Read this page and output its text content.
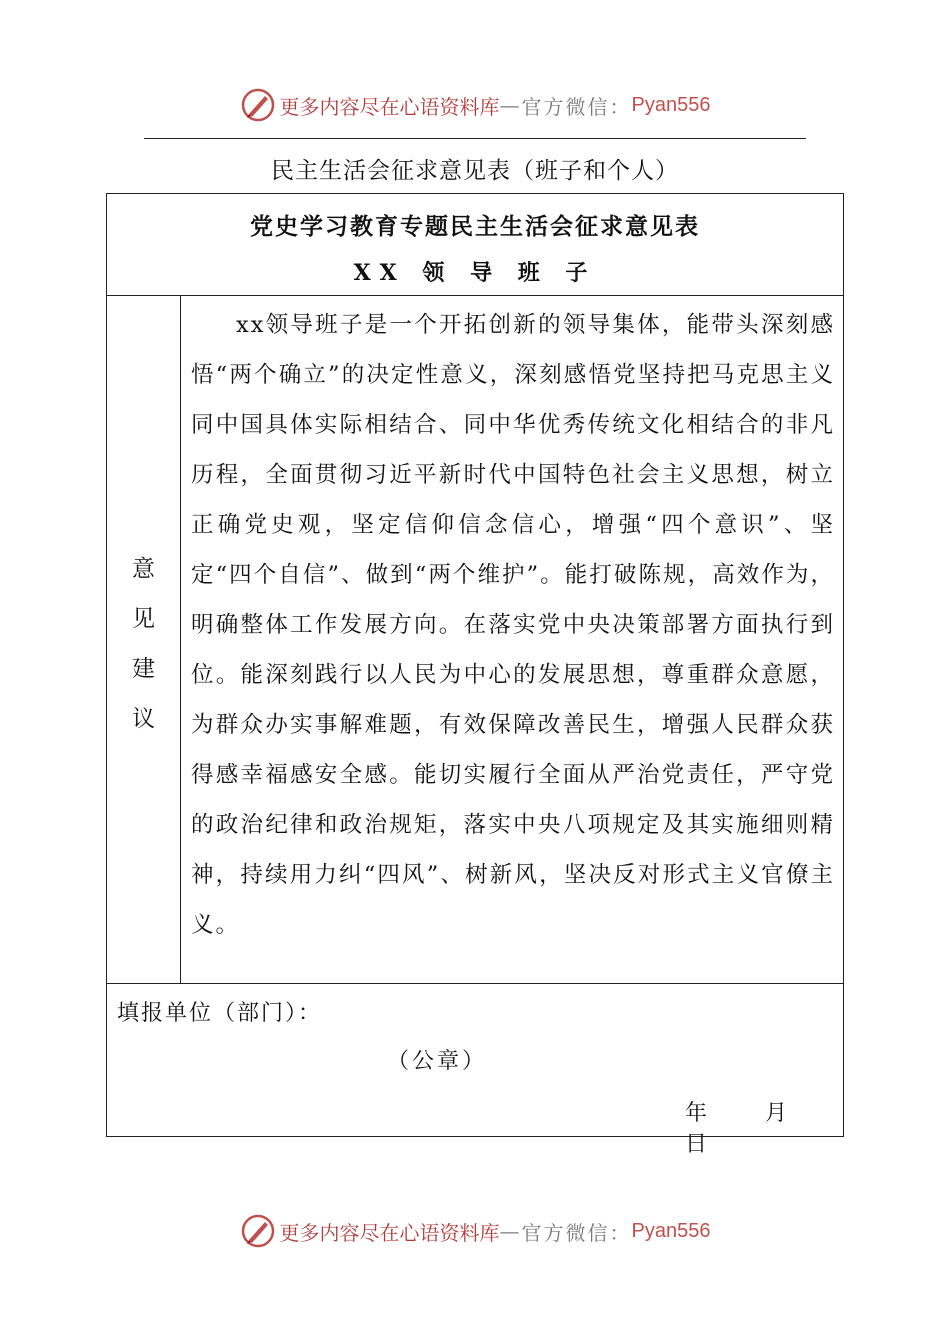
更多内容尽在心语资料库 — 官方微信： Pyan556
民主生活会征求意见表（班子和个人）
党史学习教育专题民主生活会征求意见表
XX 领 导 班 子
意
见
建
议

xx领导班子是一个开拓创新的领导集体，能带头深刻感悟“两个确立”的决定性意义，深刻感悟党坚持把马克思主义同中国具体实际相结合、同中华优秀传统文化相结合的非凡历程，全面贯彻习近平新时代中国特色社会主义思想，树立正确党史观，坚定信仰信念信心，增强“四个意识”、坚定“四个自信”、做到“两个维护”。能打破陈规，高效作为，明确整体工作发展方向。在落实党中央决策部署方面执行到位。能深刻践行以人民为中心的发展思想，尊重群众意愿，为群众办实事解难题，有效保障改善民生，增强人民群众获得感幸福感安全感。能切实履行全面从严治党责任，严守党的政治纪律和政治规矩，落实中央八项规定及其实施细则精神，持续用力纠“四风”、树新风，坚决反对形式主义官僚主义。

填报单位（部门）：
（公章）
年	月  日
更多内容尽在心语资料库 — 官方微信： Pyan556
